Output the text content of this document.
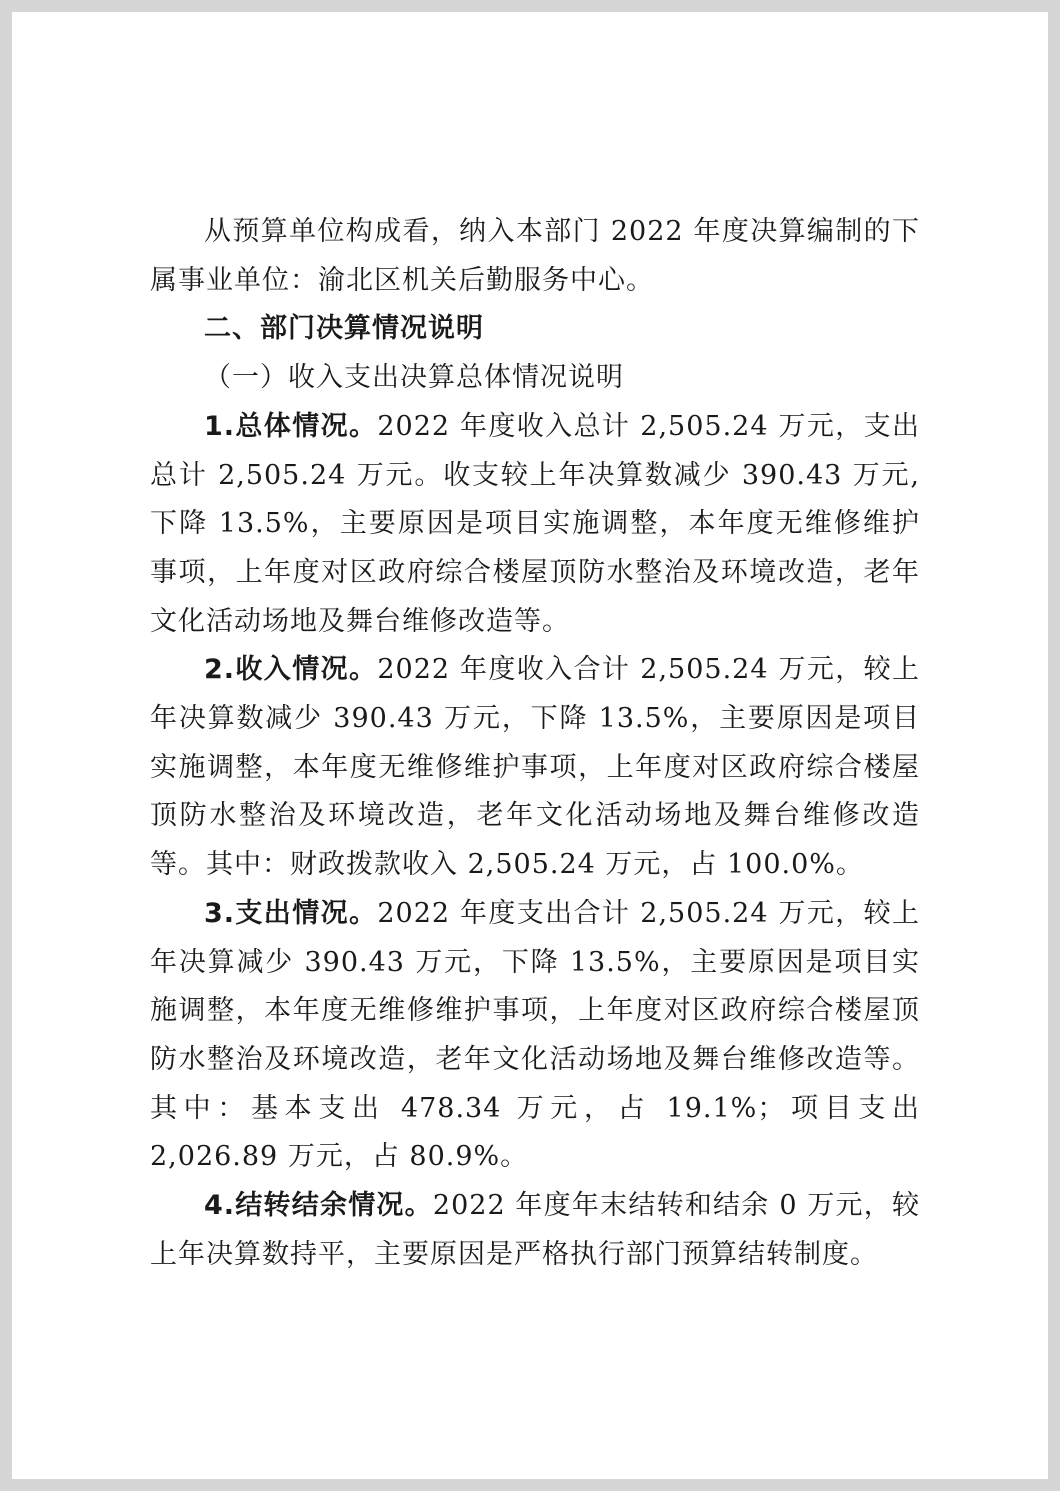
从预算单位构成看，纳入本部门 2022 年度决算编制的下属事业单位：渝北区机关后勤服务中心。

二、部门决算情况说明

（一）收入支出决算总体情况说明

1.总体情况。2022 年度收入总计 2,505.24 万元，支出总计 2,505.24 万元。收支较上年决算数减少 390.43 万元,下降 13.5%，主要原因是项目实施调整，本年度无维修维护事项，上年度对区政府综合楼屋顶防水整治及环境改造，老年文化活动场地及舞台维修改造等。

2.收入情况。2022 年度收入合计 2,505.24 万元，较上年决算数减少 390.43 万元，下降 13.5%，主要原因是项目实施调整，本年度无维修维护事项，上年度对区政府综合楼屋顶防水整治及环境改造，老年文化活动场地及舞台维修改造等。其中：财政拨款收入 2,505.24 万元，占 100.0%。

3.支出情况。2022 年度支出合计 2,505.24 万元，较上年决算减少 390.43 万元，下降 13.5%，主要原因是项目实施调整，本年度无维修维护事项，上年度对区政府综合楼屋顶防水整治及环境改造，老年文化活动场地及舞台维修改造等。其中：基本支出 478.34 万元，占 19.1%；项目支出 2,026.89 万元，占 80.9%。

4.结转结余情况。2022 年度年末结转和结余 0 万元，较上年决算数持平，主要原因是严格执行部门预算结转制度。
